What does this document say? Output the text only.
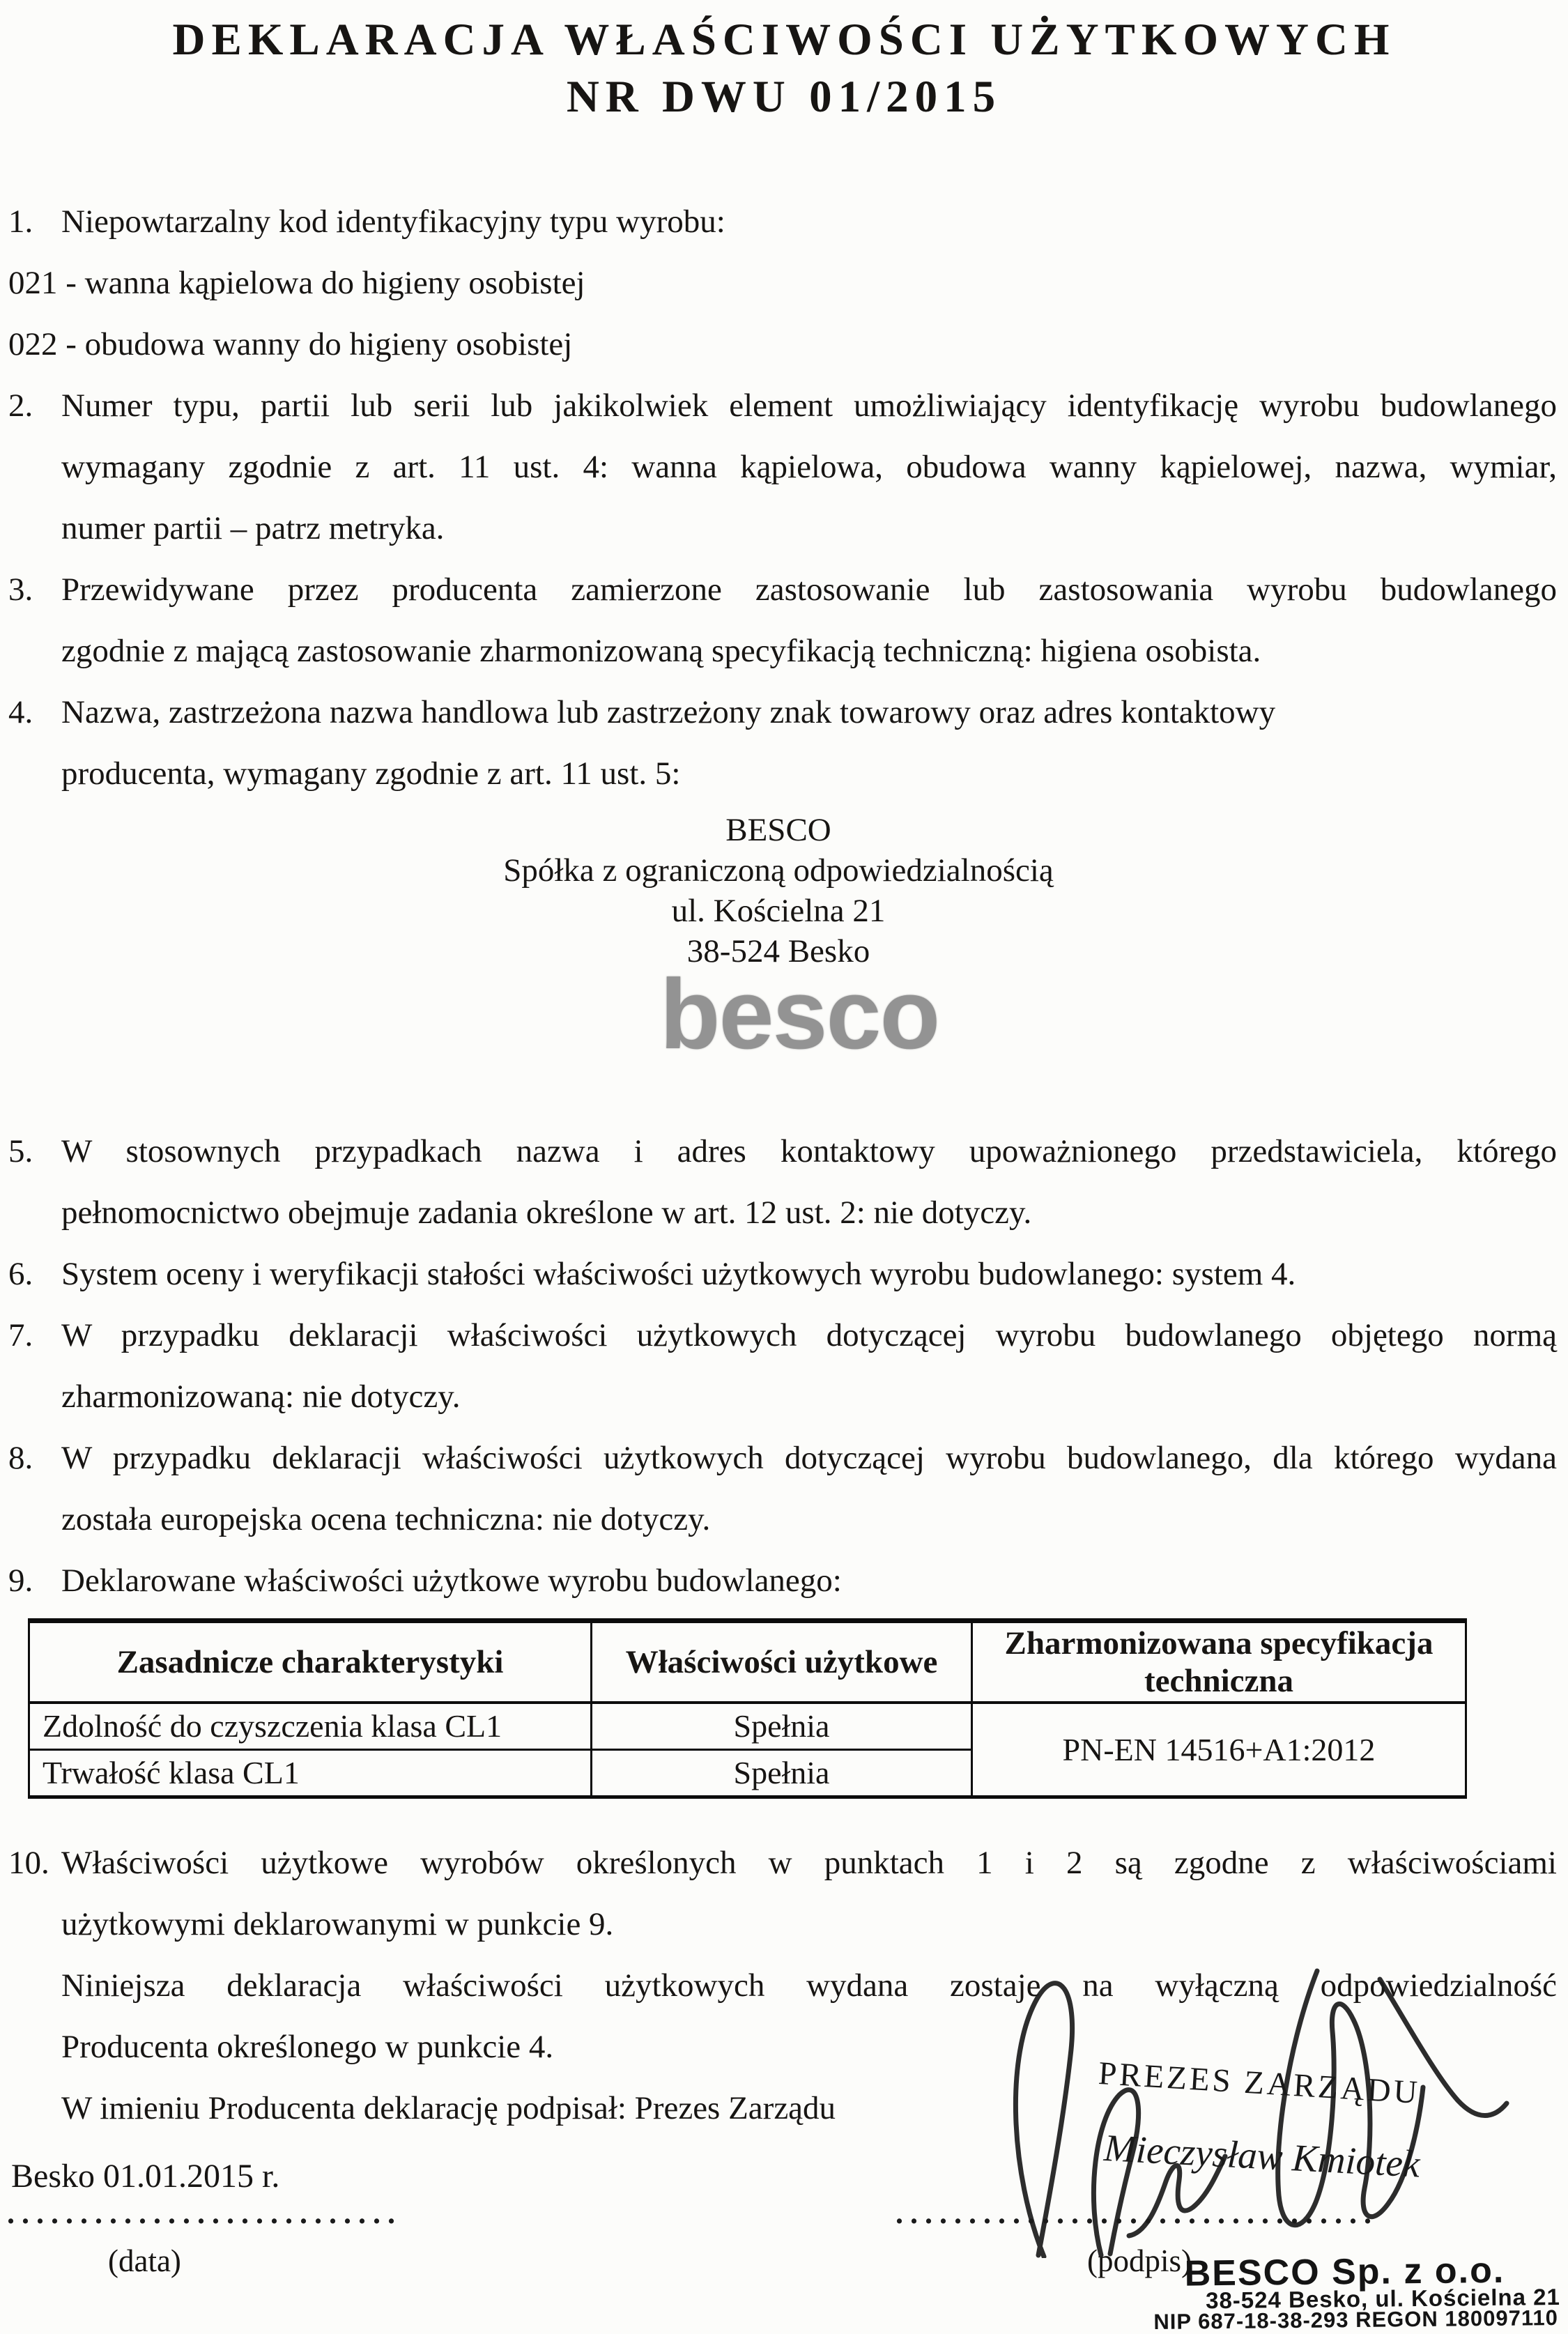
DEKLARACJA WŁAŚCIWOŚCI UŻYTKOWYCH
NR DWU 01/2015
1. Niepowtarzalny kod identyfikacyjny typu wyrobu:
021 - wanna kąpielowa do higieny osobistej
022 - obudowa wanny do higieny osobistej
2. Numer typu, partii lub serii lub jakikolwiek element umożliwiający identyfikację wyrobu budowlanego
wymagany zgodnie z art. 11 ust. 4: wanna kąpielowa, obudowa wanny kąpielowej, nazwa, wymiar,
numer partii – patrz metryka.
3. Przewidywane przez producenta zamierzone zastosowanie lub zastosowania wyrobu budowlanego
zgodnie z mającą zastosowanie zharmonizowaną specyfikacją techniczną: higiena osobista.
4. Nazwa, zastrzeżona nazwa handlowa lub zastrzeżony znak towarowy oraz adres kontaktowy
producenta, wymagany zgodnie z art. 11 ust. 5:
BESCO
Spółka z ograniczoną odpowiedzialnością
ul. Kościelna 21
38-524 Besko
besco
5. W stosownych przypadkach nazwa i adres kontaktowy upoważnionego przedstawiciela, którego
pełnomocnictwo obejmuje zadania określone w art. 12 ust. 2: nie dotyczy.
6. System oceny i weryfikacji stałości właściwości użytkowych wyrobu budowlanego: system 4.
7. W przypadku deklaracji właściwości użytkowych dotyczącej wyrobu budowlanego objętego normą
zharmonizowaną: nie dotyczy.
8. W przypadku deklaracji właściwości użytkowych dotyczącej wyrobu budowlanego, dla którego wydana
została europejska ocena techniczna: nie dotyczy.
9. Deklarowane właściwości użytkowe wyrobu budowlanego:
Zasadnicze charakterystyki	Właściwości użytkowe	Zharmonizowana specyfikacja techniczna
Zdolność do czyszczenia klasa CL1	Spełnia	PN-EN 14516+A1:2012
Trwałość klasa CL1	Spełnia	
10. Właściwości użytkowe wyrobów określonych w punktach 1 i 2 są zgodne z właściwościami
użytkowymi deklarowanymi w punkcie 9.
Niniejsza deklaracja właściwości użytkowych wydana zostaje na wyłączną odpowiedzialność
Producenta określonego w punkcie 4.
W imieniu Producenta deklarację podpisał: Prezes Zarządu
Besko 01.01.2015 r.
...........................
(data)
.................................
PREZES ZARZĄDU
Mieczysław Kmiotek
(podpis)
BESCO Sp. z o.o.
38-524 Besko, ul. Kościelna 21
NIP 687-18-38-293 REGON 180097110
